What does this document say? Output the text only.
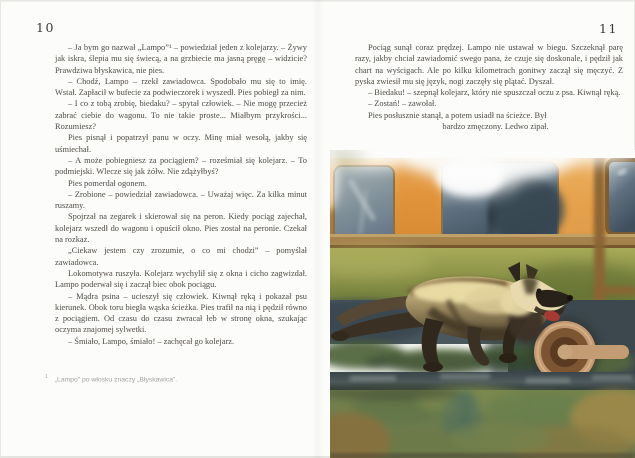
10	11

– Ja bym go nazwał „Lampo”¹ – powiedział jeden z kolejarzy. – Żywy jak iskra, ślepia mu się świecą, a na grzbiecie ma jasną pręgę – widzicie? Prawdziwa błyskawica, nie pies.

– Chodź, Lampo – rzekł zawiadowca. Spodobało mu się to imię. Wstał. Zapłacił w bufecie za podwieczorek i wyszedł. Pies pobiegł za nim.

– I co z tobą zrobię, biedaku? – spytał człowiek. – Nie mogę przecież zabrać ciebie do wagonu. To nie takie proste... Miałbym przykrości... Rozumiesz?

Pies pisnął i popatrzył panu w oczy. Minę miał wesołą, jakby się uśmiechał.

– A może pobiegniesz za pociągiem? – roześmiał się kolejarz. – To podmiejski. Wlecze się jak żółw. Nie zdążyłbyś?

Pies pomerdał ogonem.

– Zrobione – powiedział zawiadowca. – Uważaj więc. Za kilka minut ruszamy.

Spojrzał na zegarek i skierował się na peron. Kiedy pociąg zajechał, kolejarz wszedł do wagonu i opuścił okno. Pies został na peronie. Czekał na rozkaz.

„Ciekaw jestem czy zrozumie, o co mi chodzi” – pomyślał zawiadowca.

Lokomotywa ruszyła. Kolejarz wychylił się z okna i cicho zagwizdał. Lampo poderwał się i zaczął biec obok pociągu.

– Mądra psina – ucieszył się człowiek. Kiwnął ręką i pokazał psu kierunek. Obok toru biegła wąska ścieżka. Pies trafił na nią i pędził równo z pociągiem. Od czasu do czasu zwracał łeb w stronę okna, szukając oczyma znajomej sylwetki.

– Śmiało, Lampo, śmiało! – zachęcał go kolejarz.

$^1$ „Lampo” po włosku znaczy „Błyskawica”.

Pociąg sunął coraz prędzej. Lampo nie ustawał w biegu. Szczeknął parę razy, jakby chciał zawiadomić swego pana, że czuje się doskonale, i pędził jak chart na wyścigach. Ale po kilku kilometrach gonitwy zaczął się męczyć. Z pyska zwiesił mu się język, nogi zaczęły się plątać. Dyszał.

– Biedaku! – szepnął kolejarz, który nie spuszczał oczu z psa. Kiwnął ręką.

– Zostań! – zawołał.

Pies posłusznie stanął, a potem usiadł na ścieżce. Był

bardzo zmęczony. Ledwo zipał.
